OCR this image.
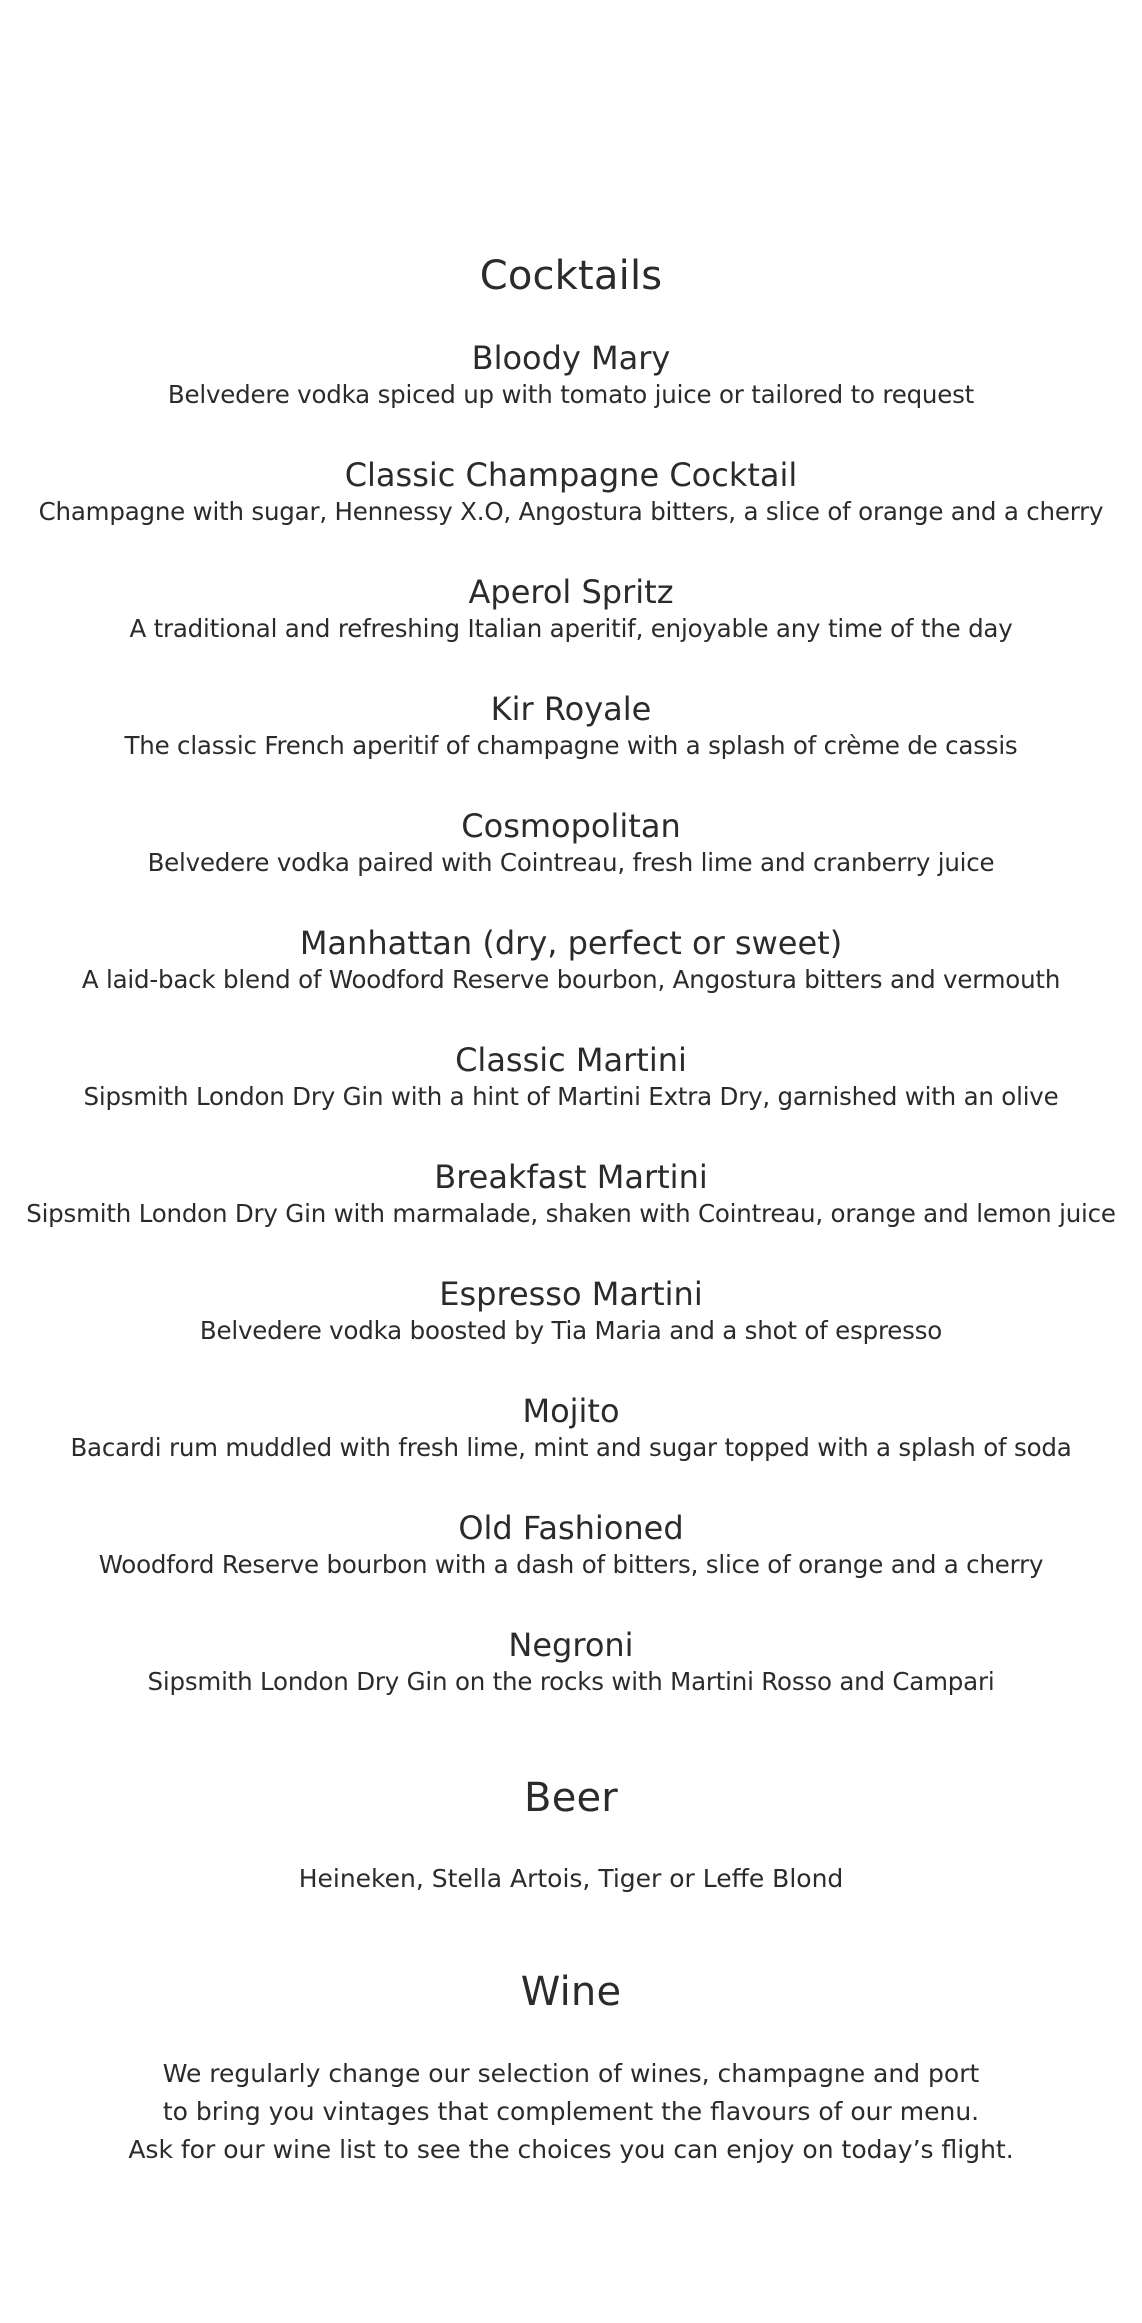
Cocktails

Bloody Mary

Belvedere vodka spiced up with tomato juice or tailored to request

Classic Champagne Cocktail

Champagne with sugar, Hennessy X.O, Angostura bitters, a slice of orange and a cherry

Aperol Spritz

A traditional and refreshing Italian aperitif, enjoyable any time of the day

Kir Royale

The classic French aperitif of champagne with a splash of crème de cassis

Cosmopolitan

Belvedere vodka paired with Cointreau, fresh lime and cranberry juice

Manhattan (dry, perfect or sweet)

A laid-back blend of Woodford Reserve bourbon, Angostura bitters and vermouth

Classic Martini

Sipsmith London Dry Gin with a hint of Martini Extra Dry, garnished with an olive

Breakfast Martini

Sipsmith London Dry Gin with marmalade, shaken with Cointreau, orange and lemon juice

Espresso Martini

Belvedere vodka boosted by Tia Maria and a shot of espresso

Mojito

Bacardi rum muddled with fresh lime, mint and sugar topped with a splash of soda

Old Fashioned

Woodford Reserve bourbon with a dash of bitters, slice of orange and a cherry

Negroni

Sipsmith London Dry Gin on the rocks with Martini Rosso and Campari

Beer

Heineken, Stella Artois, Tiger or Leffe Blond

Wine

We regularly change our selection of wines, champagne and port
to bring you vintages that complement the flavours of our menu.
Ask for our wine list to see the choices you can enjoy on today’s flight.
